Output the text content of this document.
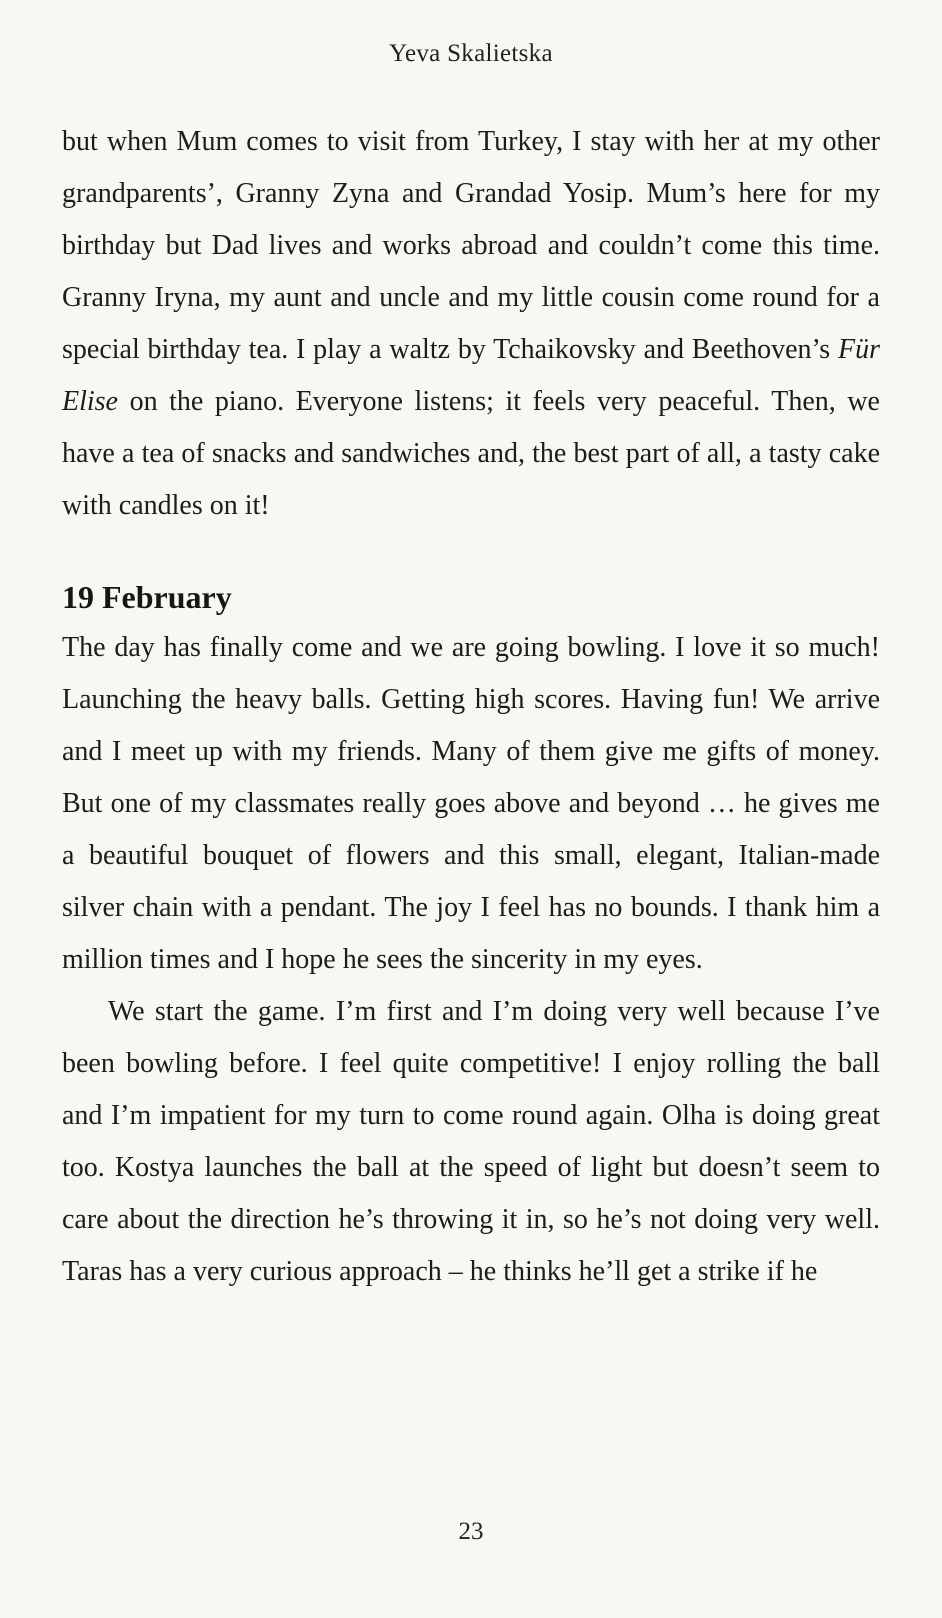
Yeva Skalietska

but when Mum comes to visit from Turkey, I stay with her at my other grandparents’, Granny Zyna and Grandad Yosip. Mum’s here for my birthday but Dad lives and works abroad and couldn’t come this time. Granny Iryna, my aunt and uncle and my little cousin come round for a special birthday tea. I play a waltz by Tchaikovsky and Beethoven’s Für Elise on the piano. Everyone listens; it feels very peaceful. Then, we have a tea of snacks and sandwiches and, the best part of all, a tasty cake with candles on it!

19 February

The day has finally come and we are going bowling. I love it so much! Launching the heavy balls. Getting high scores. Having fun! We arrive and I meet up with my friends. Many of them give me gifts of money. But one of my classmates really goes above and beyond … he gives me a beautiful bouquet of flowers and this small, elegant, Italian-made silver chain with a pendant. The joy I feel has no bounds. I thank him a million times and I hope he sees the sincerity in my eyes.

We start the game. I’m first and I’m doing very well because I’ve been bowling before. I feel quite competitive! I enjoy rolling the ball and I’m impatient for my turn to come round again. Olha is doing great too. Kostya launches the ball at the speed of light but doesn’t seem to care about the direction he’s throwing it in, so he’s not doing very well. Taras has a very curious approach – he thinks he’ll get a strike if he

23
